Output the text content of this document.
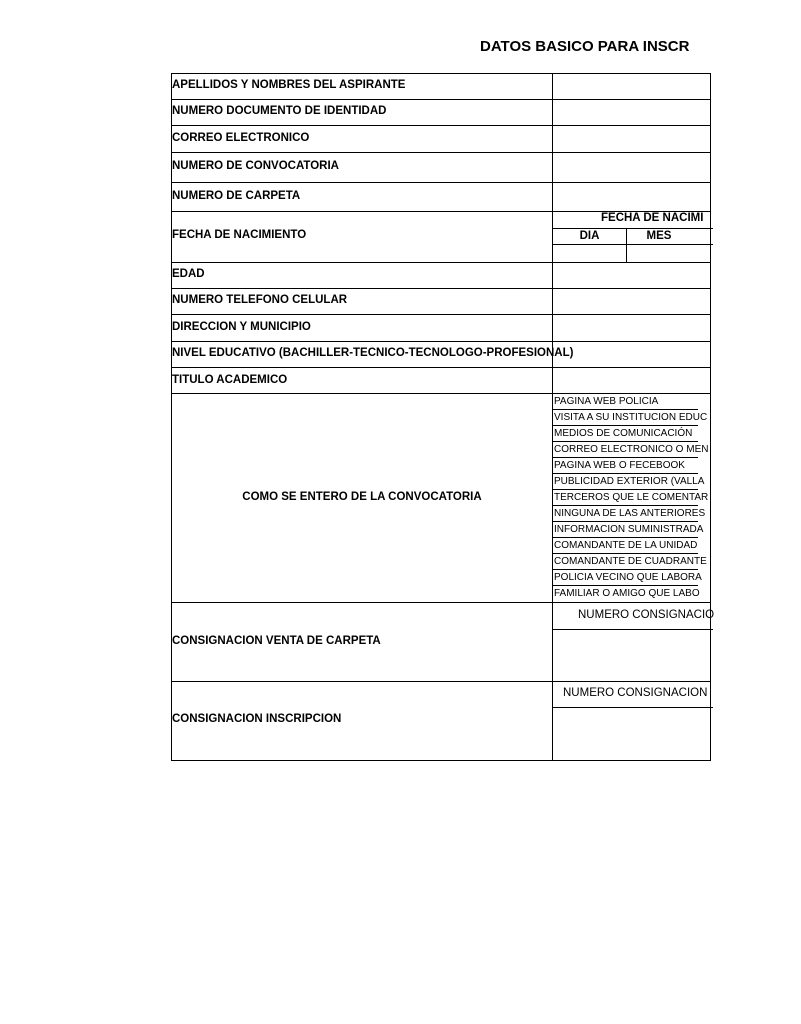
DATOS BASICO PARA INSCR
APELLIDOS Y NOMBRES DEL ASPIRANTE
NUMERO DOCUMENTO DE IDENTIDAD
CORREO ELECTRONICO
NUMERO DE CONVOCATORIA
NUMERO DE CARPETA
FECHA DE NACIMIENTO
EDAD
NUMERO TELEFONO CELULAR
DIRECCION Y MUNICIPIO
NIVEL EDUCATIVO (BACHILLER-TECNICO-TECNOLOGO-PROFESIONAL)
TITULO ACADEMICO
COMO SE ENTERO DE LA CONVOCATORIA
CONSIGNACION VENTA DE CARPETA
CONSIGNACION INSCRIPCION
FECHA DE NACIMI
DIA	MES
PAGINA WEB POLICIA
VISITA A SU INSTITUCION EDUC
MEDIOS DE COMUNICACIÓN
CORREO ELECTRONICO O MEN
PAGINA WEB O FECEBOOK
PUBLICIDAD EXTERIOR (VALLA
TERCEROS QUE LE COMENTAR
NINGUNA DE LAS ANTERIORES
INFORMACION SUMINISTRADA
COMANDANTE DE LA UNIDAD
COMANDANTE DE CUADRANTE
POLICIA VECINO QUE LABORA
FAMILIAR O AMIGO QUE LABO
NUMERO CONSIGNACIO
NUMERO CONSIGNACION
